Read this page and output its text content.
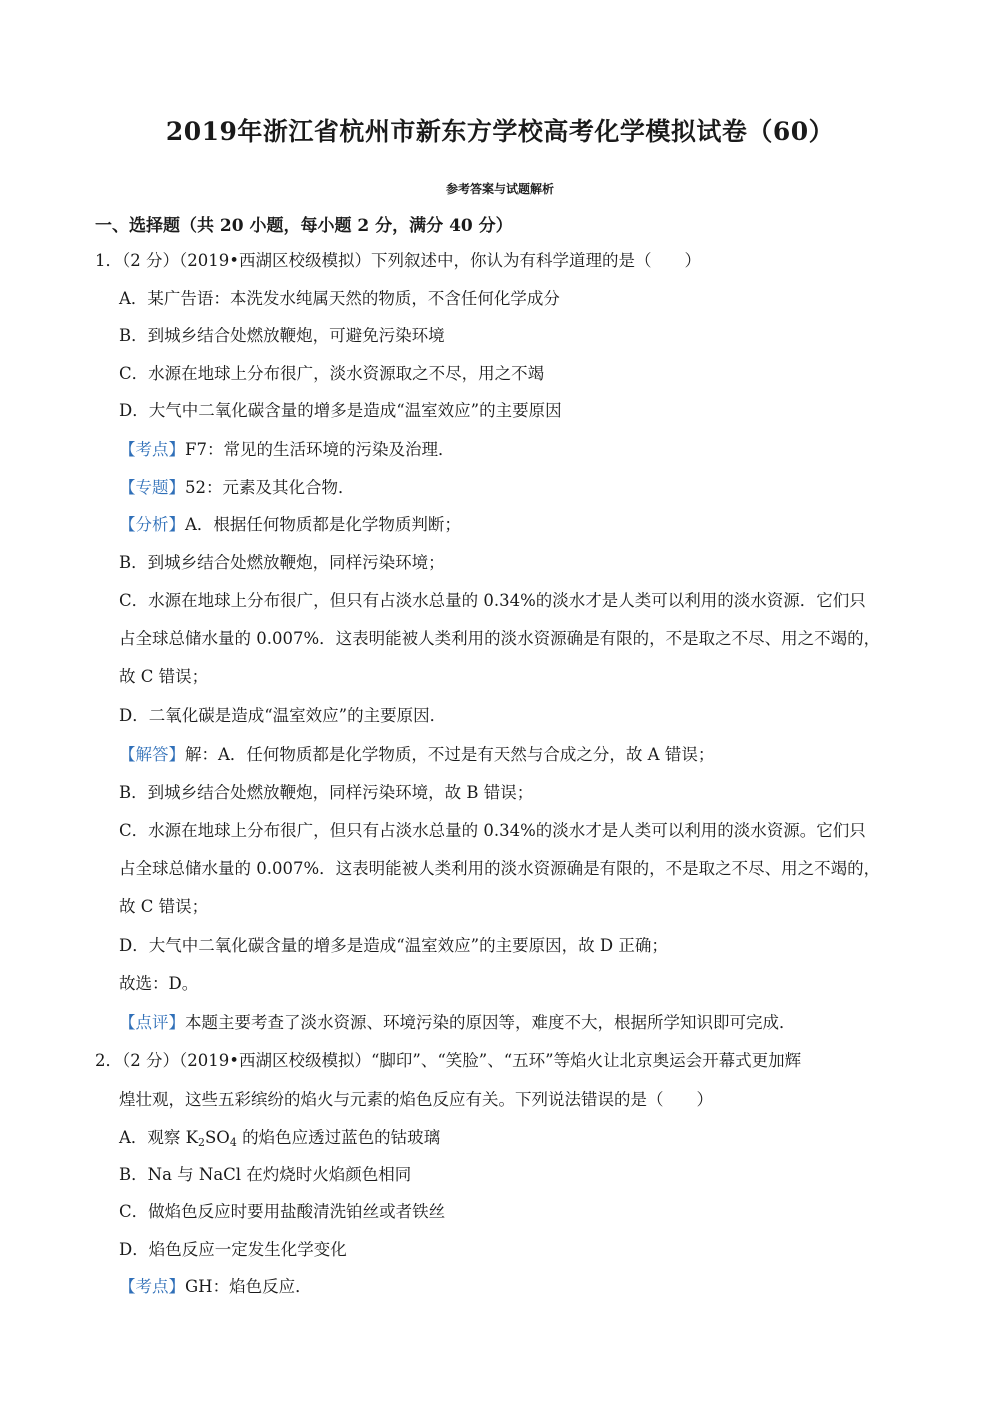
2019年浙江省杭州市新东方学校高考化学模拟试卷（60）
参考答案与试题解析
一、选择题（共 20 小题，每小题 2 分，满分 40 分）
1．（2 分）（2019•西湖区校级模拟）下列叙述中，你认为有科学道理的是（　　）
A．某广告语：本洗发水纯属天然的物质，不含任何化学成分
B．到城乡结合处燃放鞭炮，可避免污染环境
C．水源在地球上分布很广，淡水资源取之不尽，用之不竭
D．大气中二氧化碳含量的增多是造成“温室效应”的主要原因
【考点】F7：常见的生活环境的污染及治理．
【专题】52：元素及其化合物．
【分析】A．根据任何物质都是化学物质判断；
B．到城乡结合处燃放鞭炮，同样污染环境；
C．水源在地球上分布很广，但只有占淡水总量的 0.34%的淡水才是人类可以利用的淡水资源．它们只
占全球总储水量的 0.007%．这表明能被人类利用的淡水资源确是有限的，不是取之不尽、用之不竭的，
故 C 错误；
D．二氧化碳是造成“温室效应”的主要原因．
【解答】解：A．任何物质都是化学物质，不过是有天然与合成之分，故 A 错误；
B．到城乡结合处燃放鞭炮，同样污染环境，故 B 错误；
C．水源在地球上分布很广，但只有占淡水总量的 0.34%的淡水才是人类可以利用的淡水资源。它们只
占全球总储水量的 0.007%．这表明能被人类利用的淡水资源确是有限的，不是取之不尽、用之不竭的，
故 C 错误；
D．大气中二氧化碳含量的增多是造成“温室效应”的主要原因，故 D 正确；
故选：D。
【点评】本题主要考查了淡水资源、环境污染的原因等，难度不大，根据所学知识即可完成．
2．（2 分）（2019•西湖区校级模拟）“脚印”、“笑脸”、“五环”等焰火让北京奥运会开幕式更加辉
煌壮观，这些五彩缤纷的焰火与元素的焰色反应有关。下列说法错误的是（　　）
A．观察 $K_2SO_4$ 的焰色应透过蓝色的钴玻璃
B．Na 与 NaCl 在灼烧时火焰颜色相同
C．做焰色反应时要用盐酸清洗铂丝或者铁丝
D．焰色反应一定发生化学变化
【考点】GH：焰色反应．
